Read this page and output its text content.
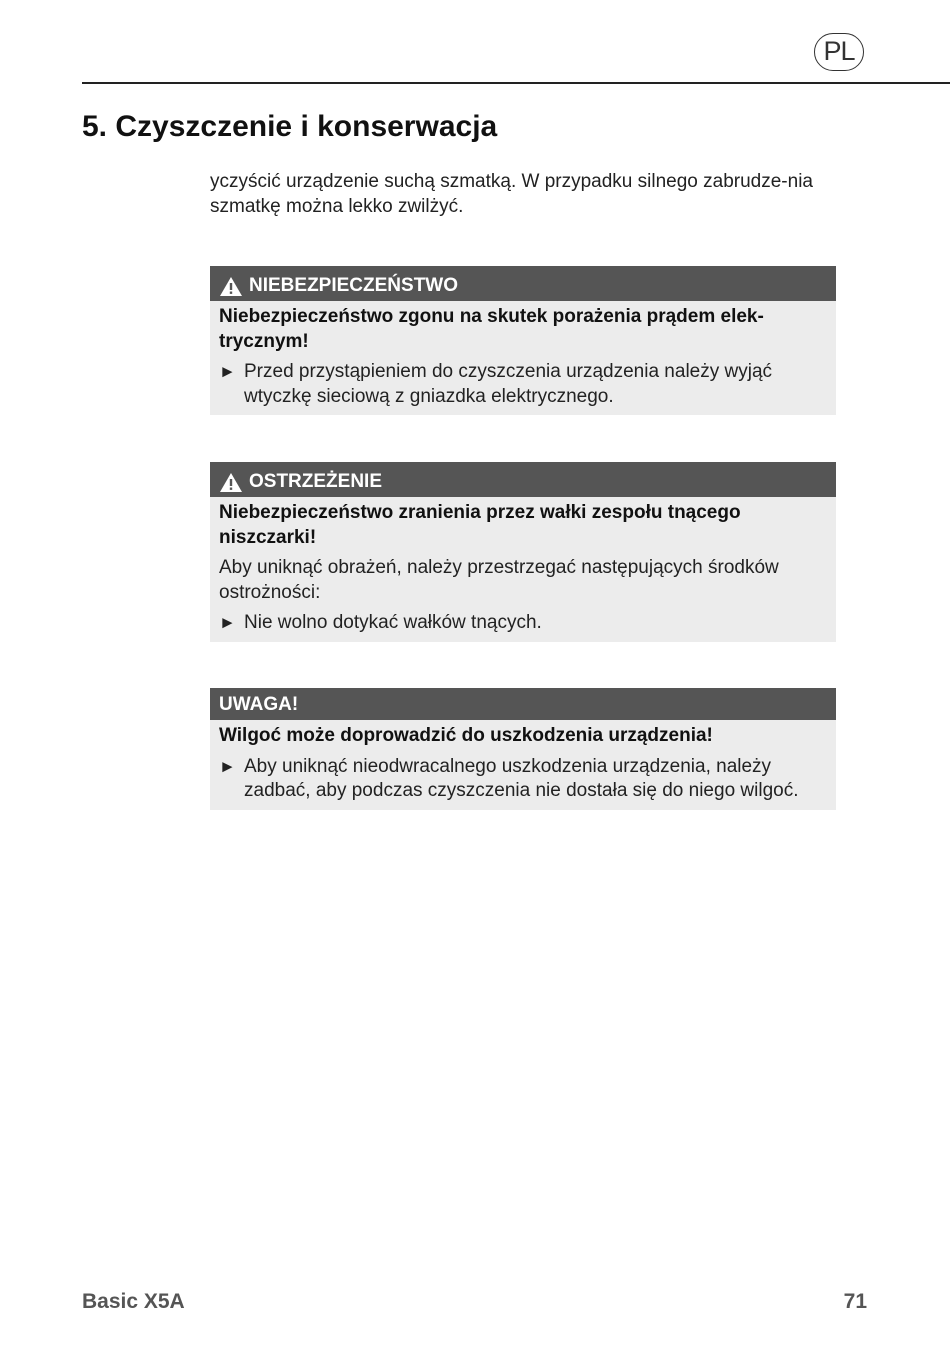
PL
5. Czyszczenie i konserwacja

yczyścić urządzenie suchą szmatką. W przypadku silnego zabrudze-nia szmatkę można lekko zwilżyć.

NIEBEZPIECZEŃSTWO

Niebezpieczeństwo zgonu na skutek porażenia prądem elek-trycznym!

► Przed przystąpieniem do czyszczenia urządzenia należy wyjąć wtyczkę sieciową z gniazdka elektrycznego.
OSTRZEŻENIE

Niebezpieczeństwo zranienia przez wałki zespołu tnącego niszczarki!

Aby uniknąć obrażeń, należy przestrzegać następujących środków ostrożności:

► Nie wolno dotykać wałków tnących.
UWAGA!

Wilgoć może doprowadzić do uszkodzenia urządzenia!

► Aby uniknąć nieodwracalnego uszkodzenia urządzenia, należy zadbać, aby podczas czyszczenia nie dostała się do niego wilgoć.
Basic X5A	71
